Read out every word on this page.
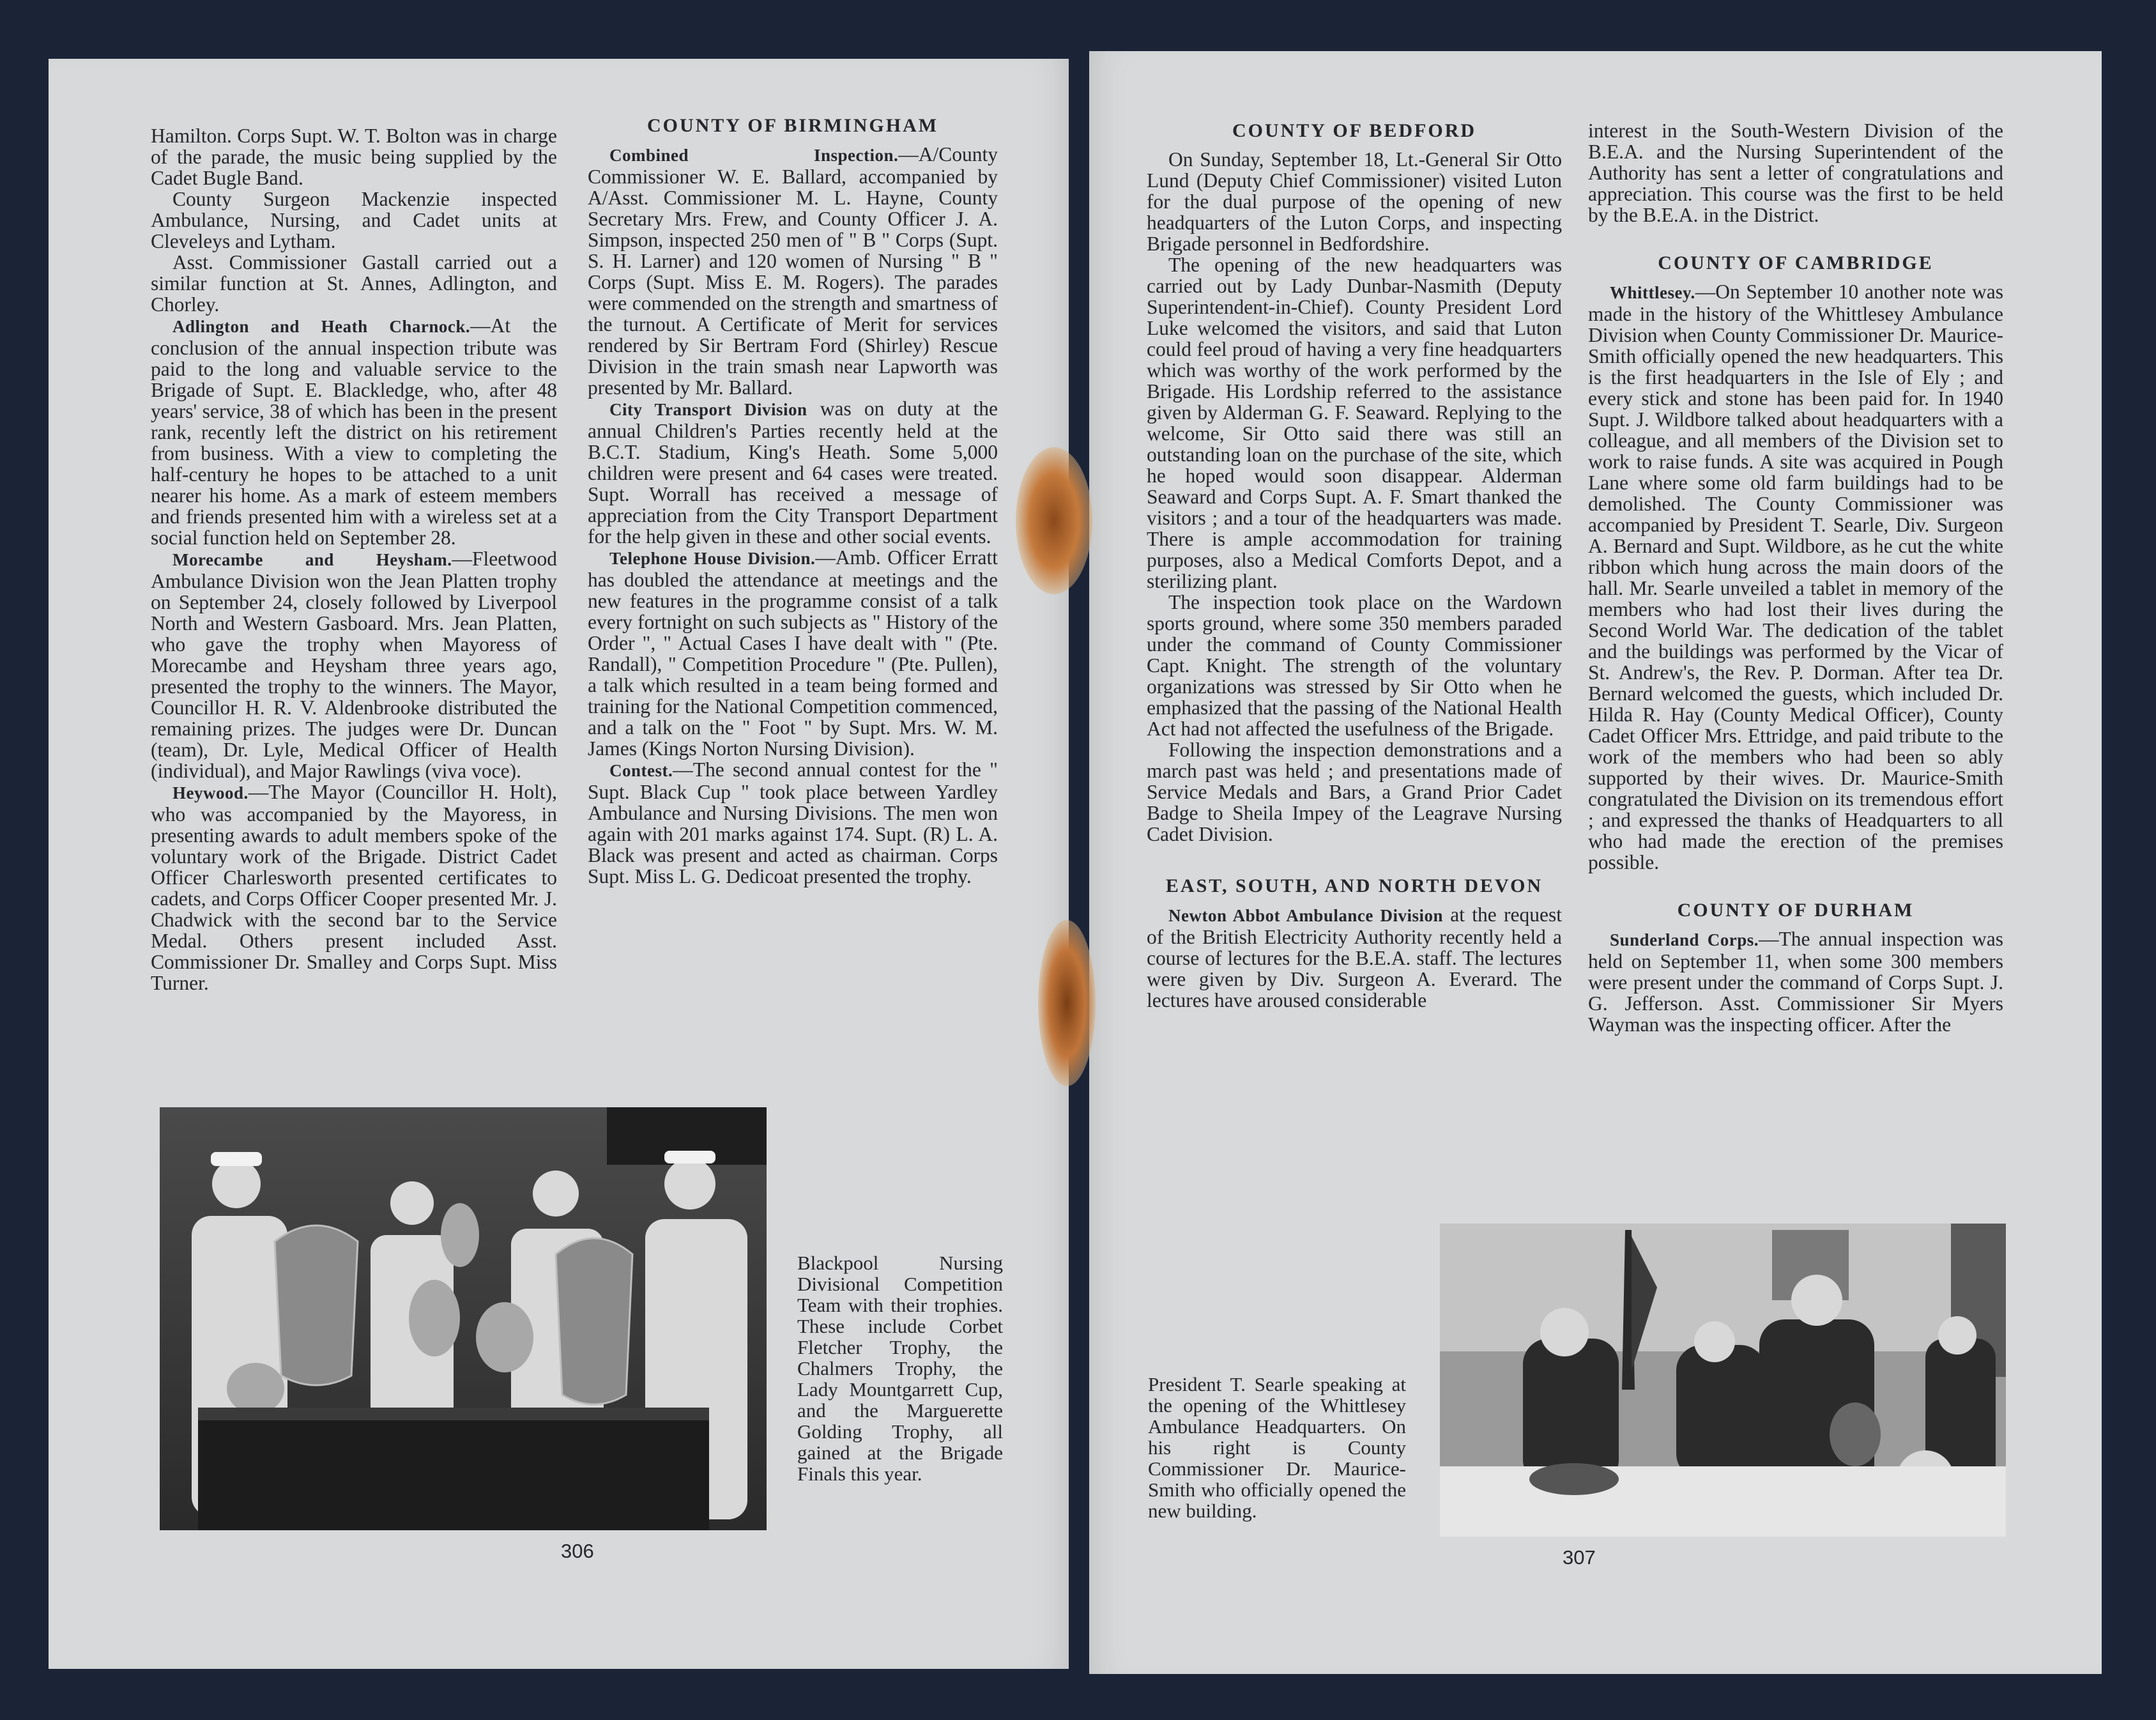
Hamilton. Corps Supt. W. T. Bolton was in charge of the parade, the music being supplied by the Cadet Bugle Band.

County Surgeon Mackenzie inspected Ambulance, Nursing, and Cadet units at Cleveleys and Lytham.

Asst. Commissioner Gastall carried out a similar function at St. Annes, Adlington, and Chorley.

Adlington and Heath Charnock.—At the conclusion of the annual inspection tribute was paid to the long and valuable service to the Brigade of Supt. E. Blackledge, who, after 48 years' service, 38 of which has been in the present rank, recently left the district on his retirement from business. With a view to completing the half-century he hopes to be attached to a unit nearer his home. As a mark of esteem members and friends presented him with a wireless set at a social function held on September 28.

Morecambe and Heysham.—Fleetwood Ambulance Division won the Jean Platten trophy on September 24, closely followed by Liverpool North and Western Gasboard. Mrs. Jean Platten, who gave the trophy when Mayoress of Morecambe and Heysham three years ago, presented the trophy to the winners. The Mayor, Councillor H. R. V. Aldenbrooke distributed the remaining prizes. The judges were Dr. Duncan (team), Dr. Lyle, Medical Officer of Health (individual), and Major Rawlings (viva voce).

Heywood.—The Mayor (Councillor H. Holt), who was accompanied by the Mayoress, in presenting awards to adult members spoke of the voluntary work of the Brigade. District Cadet Officer Charlesworth presented certificates to cadets, and Corps Officer Cooper presented Mr. J. Chadwick with the second bar to the Service Medal. Others present included Asst. Commissioner Dr. Smalley and Corps Supt. Miss Turner.

COUNTY OF BIRMINGHAM

Combined Inspection.—A/County Commissioner W. E. Ballard, accompanied by A/Asst. Commissioner M. L. Hayne, County Secretary Mrs. Frew, and County Officer J. A. Simpson, inspected 250 men of " B " Corps (Supt. S. H. Larner) and 120 women of Nursing " B " Corps (Supt. Miss E. M. Rogers). The parades were commended on the strength and smartness of the turnout. A Certificate of Merit for services rendered by Sir Bertram Ford (Shirley) Rescue Division in the train smash near Lapworth was presented by Mr. Ballard.

City Transport Division was on duty at the annual Children's Parties recently held at the B.C.T. Stadium, King's Heath. Some 5,000 children were present and 64 cases were treated. Supt. Worrall has received a message of appreciation from the City Transport Department for the help given in these and other social events.

Telephone House Division.—Amb. Officer Erratt has doubled the attendance at meetings and the new features in the programme consist of a talk every fortnight on such subjects as " History of the Order ", " Actual Cases I have dealt with " (Pte. Randall), " Competition Procedure " (Pte. Pullen), a talk which resulted in a team being formed and training for the National Competition commenced, and a talk on the " Foot " by Supt. Mrs. W. M. James (Kings Norton Nursing Division).

Contest.—The second annual contest for the " Supt. Black Cup " took place between Yardley Ambulance and Nursing Divisions. The men won again with 201 marks against 174. Supt. (R) L. A. Black was present and acted as chairman. Corps Supt. Miss L. G. Dedicoat presented the trophy.

Blackpool Nursing Divisional Competition Team with their trophies. These include Corbet Fletcher Trophy, the Chalmers Trophy, the Lady Mountgarrett Cup, and the Marguerette Golding Trophy, all gained at the Brigade Finals this year.
306
COUNTY OF BEDFORD

On Sunday, September 18, Lt.-General Sir Otto Lund (Deputy Chief Commissioner) visited Luton for the dual purpose of the opening of new headquarters of the Luton Corps, and inspecting Brigade personnel in Bedfordshire.

The opening of the new headquarters was carried out by Lady Dunbar-Nasmith (Deputy Superintendent-in-Chief). County President Lord Luke welcomed the visitors, and said that Luton could feel proud of having a very fine headquarters which was worthy of the work performed by the Brigade. His Lordship referred to the assistance given by Alderman G. F. Seaward. Replying to the welcome, Sir Otto said there was still an outstanding loan on the purchase of the site, which he hoped would soon disappear. Alderman Seaward and Corps Supt. A. F. Smart thanked the visitors ; and a tour of the headquarters was made. There is ample accommodation for training purposes, also a Medical Comforts Depot, and a sterilizing plant.

The inspection took place on the Wardown sports ground, where some 350 members paraded under the command of County Commissioner Capt. Knight. The strength of the voluntary organizations was stressed by Sir Otto when he emphasized that the passing of the National Health Act had not affected the usefulness of the Brigade.

Following the inspection demonstrations and a march past was held ; and presentations made of Service Medals and Bars, a Grand Prior Cadet Badge to Sheila Impey of the Leagrave Nursing Cadet Division.

EAST, SOUTH, AND NORTH DEVON

Newton Abbot Ambulance Division at the request of the British Electricity Authority recently held a course of lectures for the B.E.A. staff. The lectures were given by Div. Surgeon A. Everard. The lectures have aroused considerable

interest in the South-Western Division of the B.E.A. and the Nursing Superintendent of the Authority has sent a letter of congratulations and appreciation. This course was the first to be held by the B.E.A. in the District.

COUNTY OF CAMBRIDGE

Whittlesey.—On September 10 another note was made in the history of the Whittlesey Ambulance Division when County Commissioner Dr. Maurice-Smith officially opened the new headquarters. This is the first headquarters in the Isle of Ely ; and every stick and stone has been paid for. In 1940 Supt. J. Wildbore talked about headquarters with a colleague, and all members of the Division set to work to raise funds. A site was acquired in Pough Lane where some old farm buildings had to be demolished. The County Commissioner was accompanied by President T. Searle, Div. Surgeon A. Bernard and Supt. Wildbore, as he cut the white ribbon which hung across the main doors of the hall. Mr. Searle unveiled a tablet in memory of the members who had lost their lives during the Second World War. The dedication of the tablet and the buildings was performed by the Vicar of St. Andrew's, the Rev. P. Dorman. After tea Dr. Bernard welcomed the guests, which included Dr. Hilda R. Hay (County Medical Officer), County Cadet Officer Mrs. Ettridge, and paid tribute to the work of the members who had been so ably supported by their wives. Dr. Maurice-Smith congratulated the Division on its tremendous effort ; and expressed the thanks of Headquarters to all who had made the erection of the premises possible.

COUNTY OF DURHAM

Sunderland Corps.—The annual inspection was held on September 11, when some 300 members were present under the command of Corps Supt. J. G. Jefferson. Asst. Commissioner Sir Myers Wayman was the inspecting officer. After the

President T. Searle speaking at the opening of the Whittlesey Ambulance Headquarters. On his right is County Commissioner Dr. Maurice-Smith who officially opened the new building.
307
